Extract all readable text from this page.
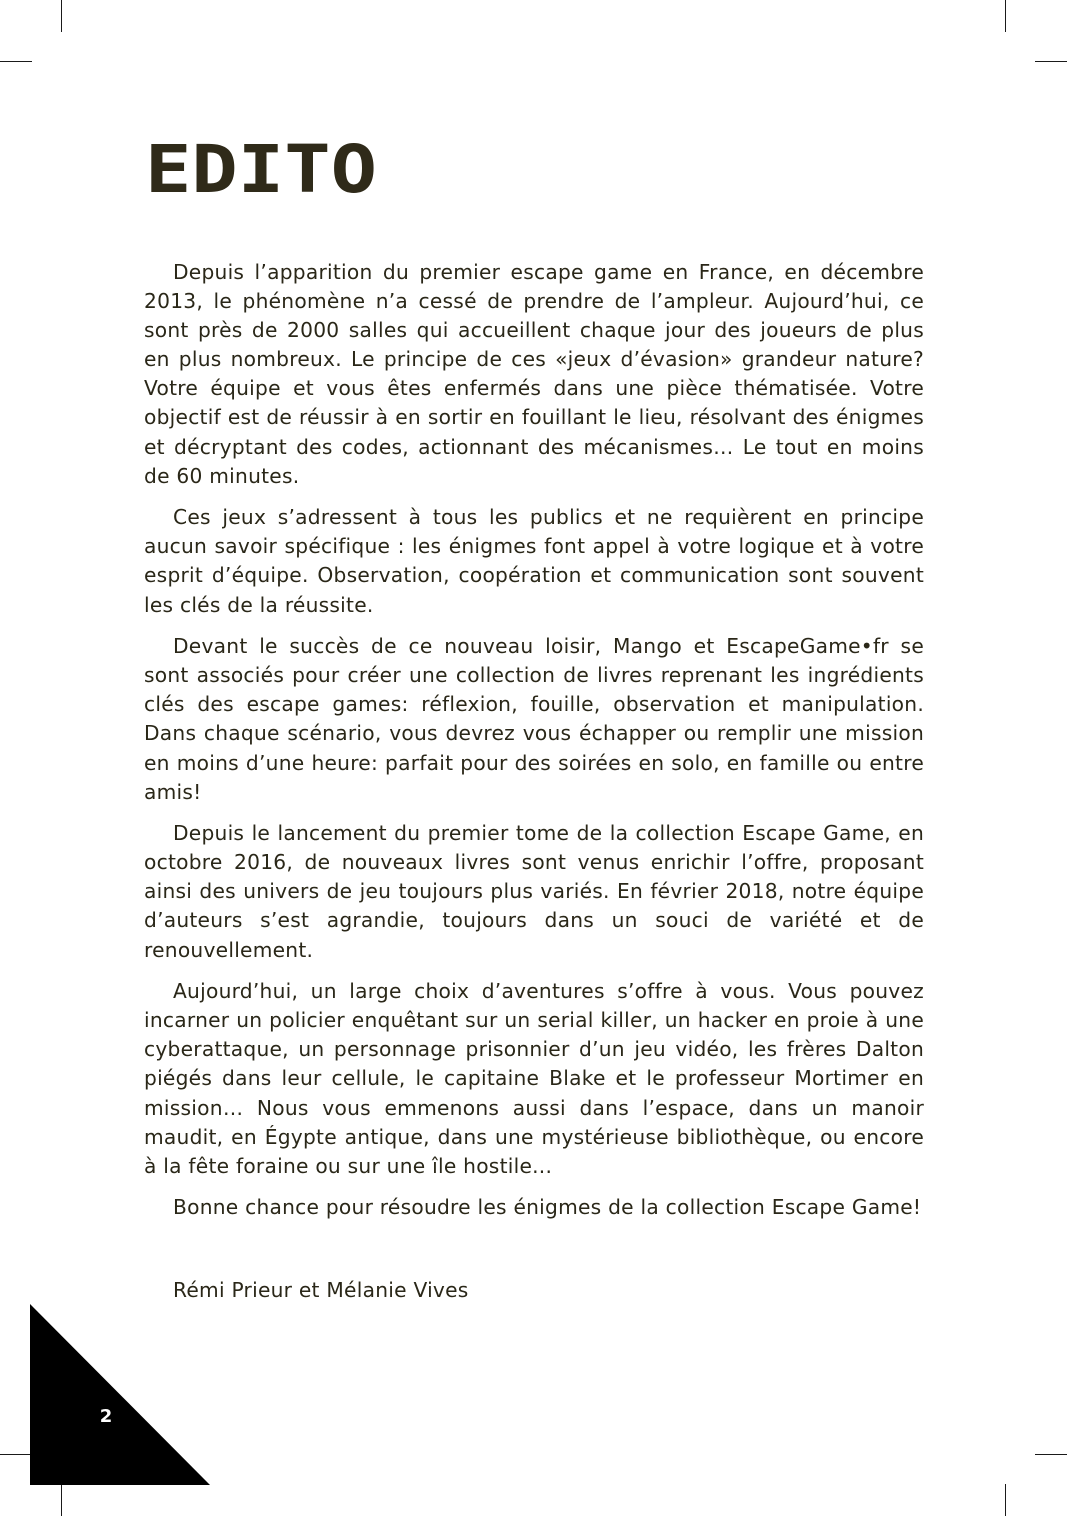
EDITO

Depuis l’apparition du premier escape game en France, en décembre 2013, le phénomène n’a cessé de prendre de l’ampleur. Aujourd’hui, ce sont près de 2000 salles qui accueillent chaque jour des joueurs de plus en plus nombreux. Le principe de ces «jeux d’évasion» grandeur nature? Votre équipe et vous êtes enfermés dans une pièce thématisée. Votre objectif est de réussir à en sortir en fouillant le lieu, résolvant des énigmes et décryptant des codes, actionnant des mécanismes… Le tout en moins de 60 minutes.

Ces jeux s’adressent à tous les publics et ne requièrent en principe aucun savoir spécifique : les énigmes font appel à votre logique et à votre esprit d’équipe. Observation, coopération et communication sont souvent les clés de la réussite.

Devant le succès de ce nouveau loisir, Mango et EscapeGame•fr se sont associés pour créer une collection de livres reprenant les ingrédients clés des escape games: réflexion, fouille, observation et manipulation. Dans chaque scénario, vous devrez vous échapper ou remplir une mission en moins d’une heure: parfait pour des soirées en solo, en famille ou entre amis!

Depuis le lancement du premier tome de la collection Escape Game, en octobre 2016, de nouveaux livres sont venus enrichir l’offre, proposant ainsi des univers de jeu toujours plus variés. En février 2018, notre équipe d’auteurs s’est agrandie, toujours dans un souci de variété et de renouvellement.

Aujourd’hui, un large choix d’aventures s’offre à vous. Vous pouvez incarner un policier enquêtant sur un serial killer, un hacker en proie à une cyberattaque, un personnage prisonnier d’un jeu vidéo, les frères Dalton piégés dans leur cellule, le capitaine Blake et le professeur Mortimer en mission… Nous vous emmenons aussi dans l’espace, dans un manoir maudit, en Égypte antique, dans une mystérieuse bibliothèque, ou encore à la fête foraine ou sur une île hostile...

Bonne chance pour résoudre les énigmes de la collection Escape Game!

Rémi Prieur et Mélanie Vives
2
